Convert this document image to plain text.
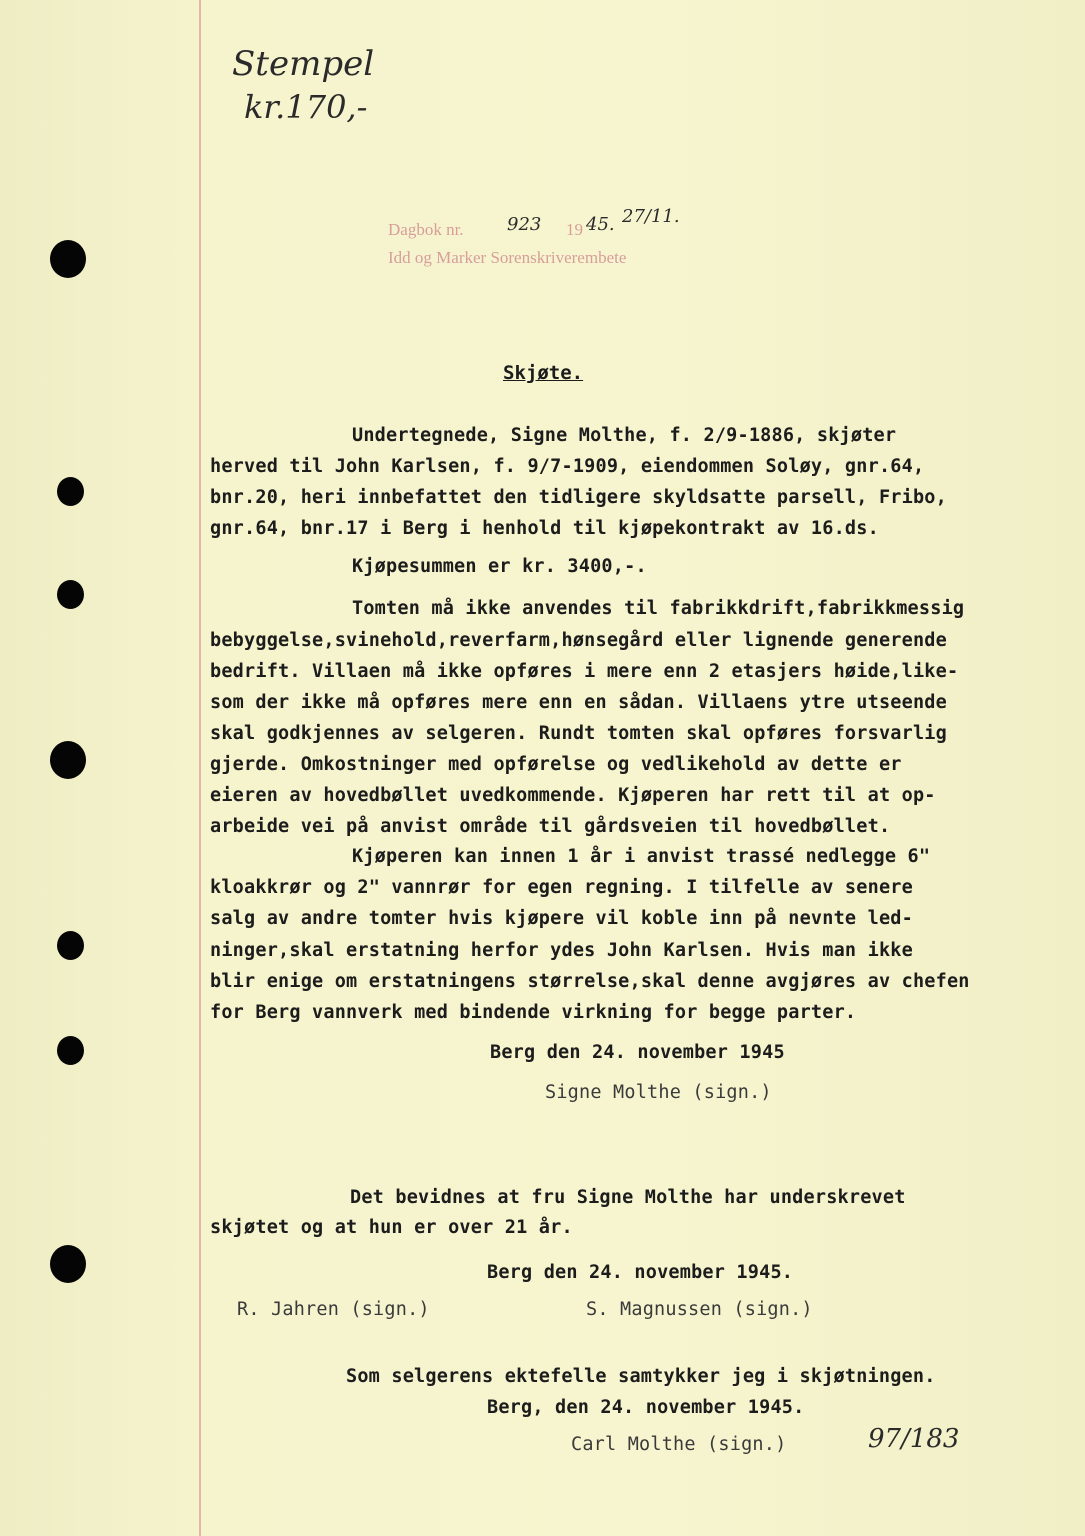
Stempel
kr.170,-
Dagbok nr. 923 19 45. 27/11.
Idd og Marker Sorenskriverembete
Skjøte.
Undertegnede, Signe Molthe, f. 2/9-1886, skjøter
herved til John Karlsen, f. 9/7-1909, eiendommen Soløy, gnr.64,
bnr.20, heri innbefattet den tidligere skyldsatte parsell, Fribo,
gnr.64, bnr.17 i Berg i henhold til kjøpekontrakt av 16.ds.
Kjøpesummen er kr. 3400,-.
Tomten må ikke anvendes til fabrikkdrift,fabrikkmessig
bebyggelse,svinehold,reverfarm,hønsegård eller lignende generende
bedrift. Villaen må ikke opføres i mere enn 2 etasjers høide,like-
som der ikke må opføres mere enn en sådan. Villaens ytre utseende
skal godkjennes av selgeren. Rundt tomten skal opføres forsvarlig
gjerde. Omkostninger med opførelse og vedlikehold av dette er
eieren av hovedbøllet uvedkommende. Kjøperen har rett til at op-
arbeide vei på anvist område til gårdsveien til hovedbøllet.
Kjøperen kan innen 1 år i anvist trassé nedlegge 6"
kloakkrør og 2" vannrør for egen regning. I tilfelle av senere
salg av andre tomter hvis kjøpere vil koble inn på nevnte led-
ninger,skal erstatning herfor ydes John Karlsen. Hvis man ikke
blir enige om erstatningens størrelse,skal denne avgjøres av chefen
for Berg vannverk med bindende virkning for begge parter.
Berg den 24. november 1945
Signe Molthe (sign.)
Det bevidnes at fru Signe Molthe har underskrevet
skjøtet og at hun er over 21 år.
Berg den 24. november 1945.
R. Jahren (sign.)	S. Magnussen (sign.)
Som selgerens ektefelle samtykker jeg i skjøtningen.
Berg, den 24. november 1945.
Carl Molthe (sign.)	97/183
